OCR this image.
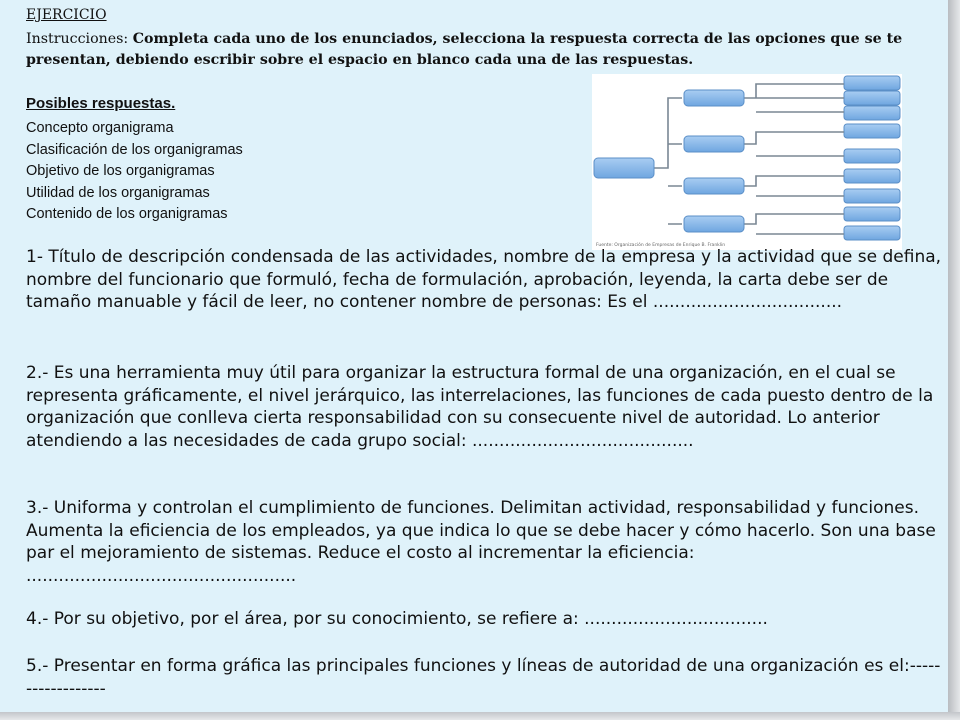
EJERCICIO
Instrucciones: Completa cada uno de los enunciados, selecciona la respuesta correcta de las opciones que se te presentan, debiendo escribir sobre el espacio en blanco cada una de las respuestas.
Posibles respuestas.
Concepto organigrama
Clasificación de los organigramas
Objetivo de los organigramas
Utilidad de los organigramas
Contenido de los organigramas
Fuente: Organización de Empresas de Enrique B. Franklin

1- Título de descripción condensada de las actividades, nombre de la empresa y la actividad que se defina, nombre del funcionario que formuló, fecha de formulación, aprobación, leyenda, la carta debe ser de tamaño manuable y fácil de leer, no contener nombre de personas: Es el ...................................

2.- Es una herramienta muy útil para organizar la estructura formal de una organización, en el cual se representa gráficamente, el nivel jerárquico, las interrelaciones, las funciones de cada puesto dentro de la organización que conlleva cierta responsabilidad con su consecuente nivel de autoridad. Lo anterior atendiendo a las necesidades de cada grupo social: .........................................

3.- Uniforma y controlan el cumplimiento de funciones. Delimitan actividad, responsabilidad y funciones. Aumenta la eficiencia de los empleados, ya que indica lo que se debe hacer y cómo hacerlo. Son una base par el mejoramiento de sistemas. Reduce el costo al incrementar la eficiencia: ..................................................

4.- Por su objetivo, por el área, por su conocimiento, se refiere a: ..................................

5.- Presentar en forma gráfica las principales funciones y líneas de autoridad de una organización es el:------------------
